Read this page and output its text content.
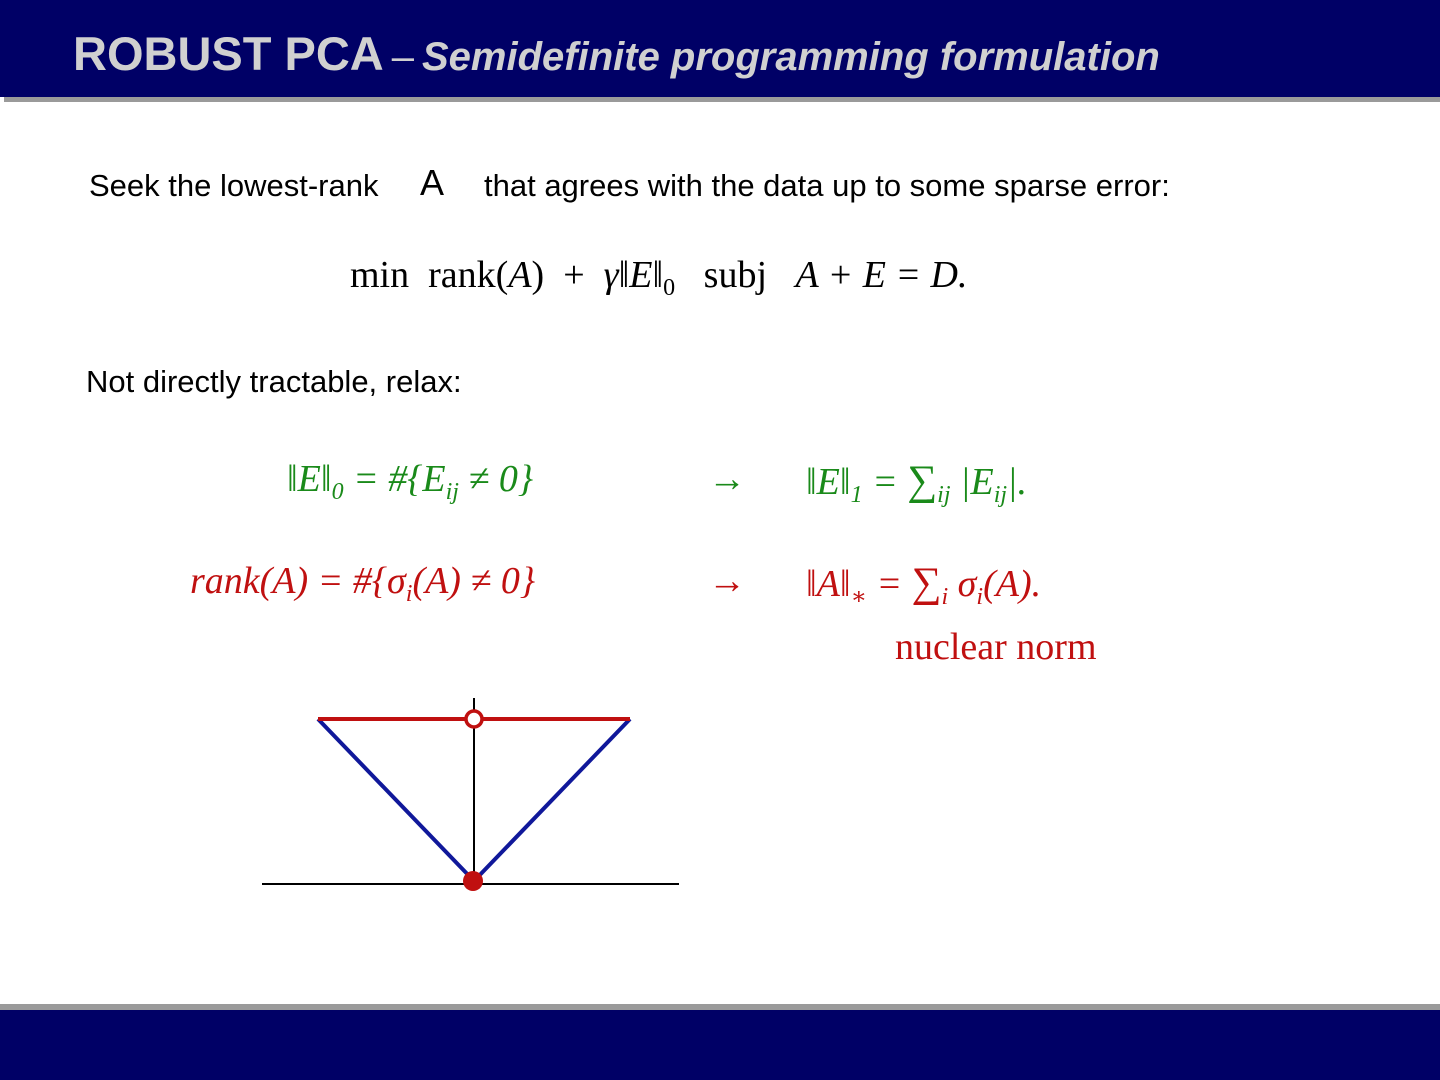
ROBUST PCA – Semidefinite programming formulation
Seek the lowest-rank A that agrees with the data up to some sparse error:
min rank(A) + $\gamma‖E‖_0$ subj A + E = D.
Not directly tractable, relax:
$‖E‖_0$ = $\#\{E_{ij} \ne 0\}$	→ $‖E‖_1 = \sum_{ij}$ $|E_{ij}|$.
rank(A) = $\#\{\sigma_i(A) \ne 0\}$	→ $‖A‖_∗ = \sum_i$ $\sigma_i(A)$.
nuclear norm
